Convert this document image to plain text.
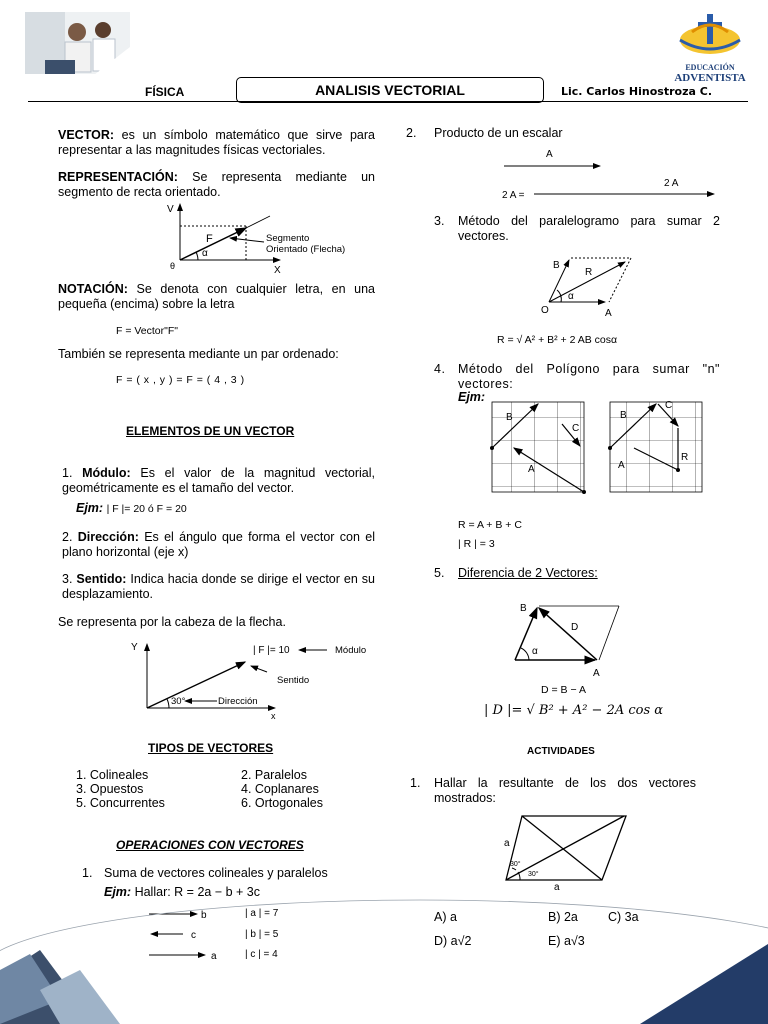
EDUCACIÓN
ADVENTISTA
FÍSICA	ANALISIS VECTORIAL	Lic. Carlos Hinostroza C.
VECTOR: es un símbolo matemático que sirve para representar a las magnitudes físicas vectoriales.
REPRESENTACIÓN: Se representa mediante un segmento de recta orientado.
V
X
θ
F
α
Segmento
Orientado (Flecha)
NOTACIÓN: Se denota con cualquier letra, en una pequeña (encima) sobre la letra
F = Vector"F"
También se representa mediante un par ordenado:
F = ( x , y ) = F = ( 4 , 3 )
ELEMENTOS DE UN VECTOR
1. Módulo: Es el valor de la magnitud vectorial, geométricamente es el tamaño del vector.
Ejm: | F |= 20 ó F = 20
2. Dirección: Es el ángulo que forma el vector con el plano horizontal (eje x)
3. Sentido: Indica hacia donde se dirige el vector en su desplazamiento.
Se representa por la cabeza de la flecha.
Y
x
| F |= 10	Módulo
Sentido
30°	Dirección
TIPOS DE VECTORES
1. Colineales	2. Paralelos
3. Opuestos	4. Coplanares
5. Concurrentes	6. Ortogonales
OPERACIONES CON VECTORES
1. Suma de vectores colineales y paralelos
Ejm: Hallar: R = 2a − b + 3c
b
c
a
| a | = 7
| b | = 5
| c | = 4
2. Producto de un escalar
A
2 A =
2 A
3. Método del paralelogramo para sumar 2 vectores.
B
R
O
α
A
R = √ A² + B² + 2 AB cosα
4. Método del Polígono para sumar "n" vectores:
Ejm:
B
C
A
B
C
A
R
R = A + B + C
| R | = 3
5. Diferencia de 2 Vectores:
B
D
α
A
D = B − A
| D |= √ B² + A² − 2A cos α
ACTIVIDADES
1. Hallar la resultante de los dos vectores mostrados:
a
a
30°
30°
A) a	B) 2a C) 3a
D) a√2	E) a√3
